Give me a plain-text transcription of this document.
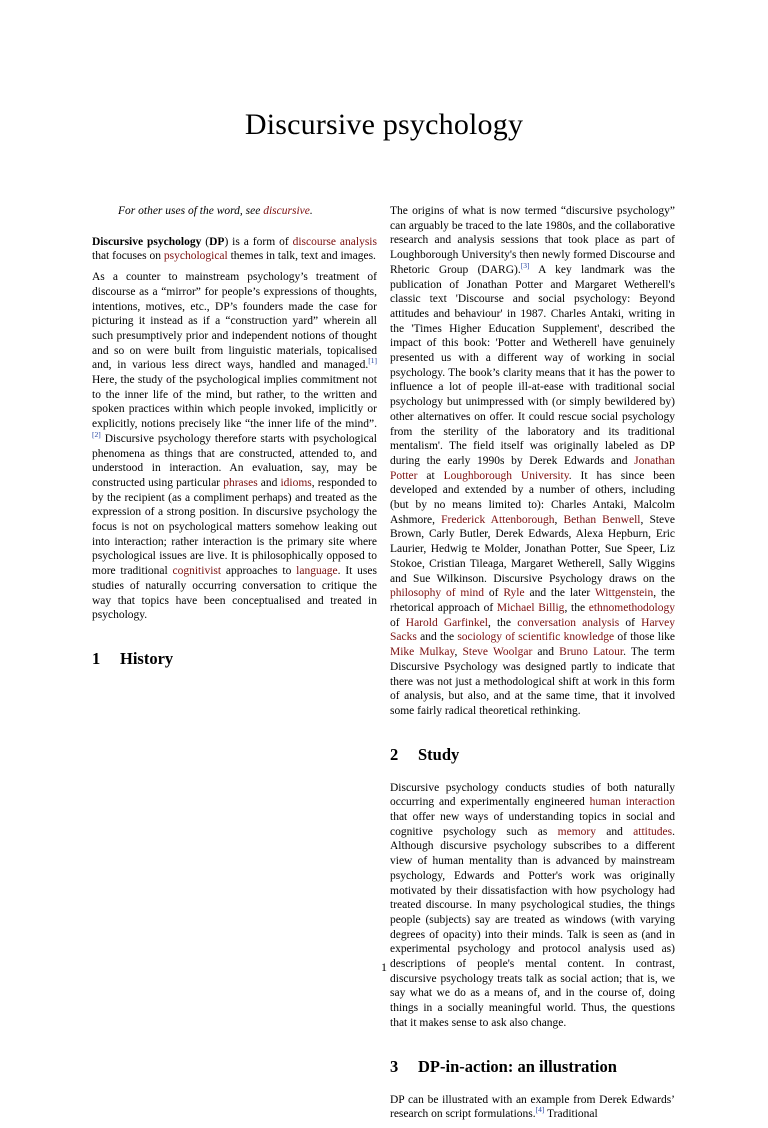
Discursive psychology

For other uses of the word, see discursive.

Discursive psychology (DP) is a form of discourse analysis that focuses on psychological themes in talk, text and images.

As a counter to mainstream psychology’s treatment of discourse as a “mirror” for people’s expressions of thoughts, intentions, motives, etc., DP’s founders made the case for picturing it instead as if a “construction yard” wherein all such presumptively prior and independent notions of thought and so on were built from linguistic materials, topicalised and, in various less direct ways, handled and managed.[1] Here, the study of the psychological implies commitment not to the inner life of the mind, but rather, to the written and spoken practices within which people invoked, implicitly or explicitly, notions precisely like “the inner life of the mind”.[2] Discursive psychology therefore starts with psychological phenomena as things that are constructed, attended to, and understood in interaction. An evaluation, say, may be constructed using particular phrases and idioms, responded to by the recipient (as a compliment perhaps) and treated as the expression of a strong position. In discursive psychology the focus is not on psychological matters somehow leaking out into interaction; rather interaction is the primary site where psychological issues are live. It is philosophically opposed to more traditional cognitivist approaches to language. It uses studies of naturally occurring conversation to critique the way that topics have been conceptualised and treated in psychology.

1 History

The origins of what is now termed “discursive psychology” can arguably be traced to the late 1980s, and the collaborative research and analysis sessions that took place as part of Loughborough University's then newly formed Discourse and Rhetoric Group (DARG).[3] A key landmark was the publication of Jonathan Potter and Margaret Wetherell's classic text 'Discourse and social psychology: Beyond attitudes and behaviour' in 1987. Charles Antaki, writing in the 'Times Higher Education Supplement', described the impact of this book: 'Potter and Wetherell have genuinely presented us with a different way of working in social psychology. The book’s clarity means that it has the power to influence a lot of people ill-at-ease with traditional social psychology but unimpressed with (or simply bewildered by) other alternatives on offer. It could rescue social psychology from the sterility of the laboratory and its traditional mentalism'. The field itself was originally labeled as DP during the early 1990s by Derek Edwards and Jonathan Potter at Loughborough University. It has since been developed and extended by a number of others, including (but by no means limited to): Charles Antaki, Malcolm Ashmore, Frederick Attenborough, Bethan Benwell, Steve Brown, Carly Butler, Derek Edwards, Alexa Hepburn, Eric Laurier, Hedwig te Molder, Jonathan Potter, Sue Speer, Liz Stokoe, Cristian Tileaga, Margaret Wetherell, Sally Wiggins and Sue Wilkinson. Discursive Psychology draws on the philosophy of mind of Ryle and the later Wittgenstein, the rhetorical approach of Michael Billig, the ethnomethodology of Harold Garfinkel, the conversation analysis of Harvey Sacks and the sociology of scientific knowledge of those like Mike Mulkay, Steve Woolgar and Bruno Latour. The term Discursive Psychology was designed partly to indicate that there was not just a methodological shift at work in this form of analysis, but also, and at the same time, that it involved some fairly radical theoretical rethinking.

2 Study

Discursive psychology conducts studies of both naturally occurring and experimentally engineered human interaction that offer new ways of understanding topics in social and cognitive psychology such as memory and attitudes. Although discursive psychology subscribes to a different view of human mentality than is advanced by mainstream psychology, Edwards and Potter's work was originally motivated by their dissatisfaction with how psychology had treated discourse. In many psychological studies, the things people (subjects) say are treated as windows (with varying degrees of opacity) into their minds. Talk is seen as (and in experimental psychology and protocol analysis used as) descriptions of people's mental content. In contrast, discursive psychology treats talk as social action; that is, we say what we do as a means of, and in the course of, doing things in a socially meaningful world. Thus, the questions that it makes sense to ask also change.

3 DP-in-action: an illustration

DP can be illustrated with an example from Derek Edwards’ research on script formulations.[4] Traditional

1
